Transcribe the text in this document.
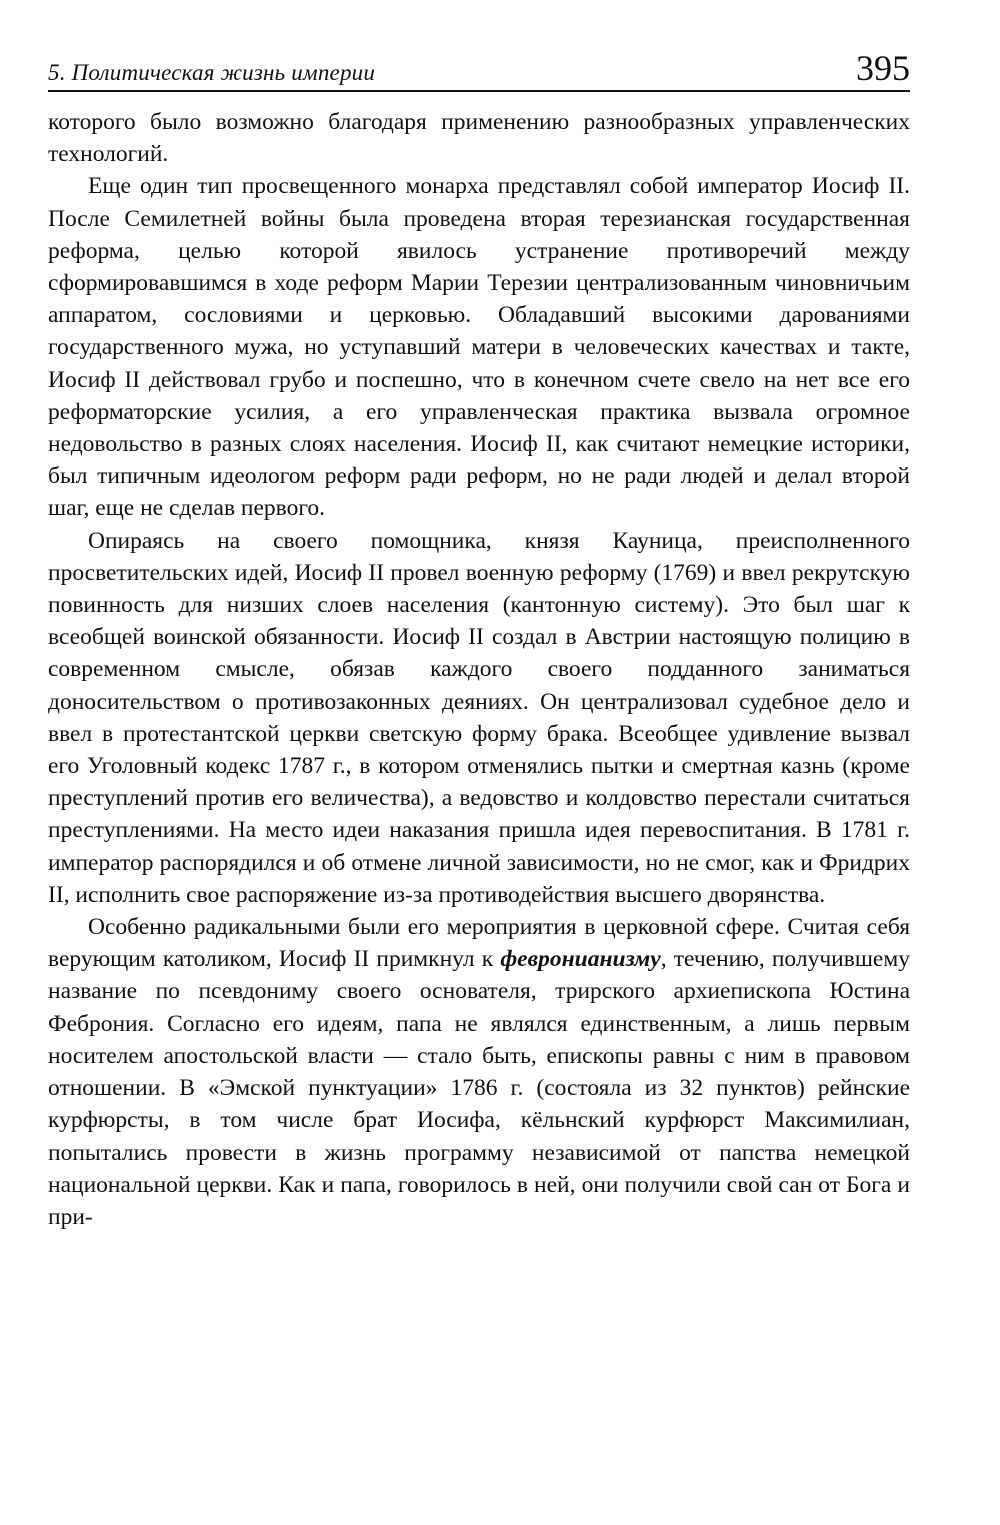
5. Политическая жизнь империи	395

которого было возможно благодаря применению разнообразных управленческих технологий.

Еще один тип просвещенного монарха представлял собой император Иосиф II. После Семилетней войны была проведена вторая терезианская государственная реформа, целью которой явилось устранение противоречий между сформировавшимся в ходе реформ Марии Терезии централизованным чиновничьим аппаратом, сословиями и церковью. Обладавший высокими дарованиями государственного мужа, но уступавший матери в человеческих качествах и такте, Иосиф II действовал грубо и поспешно, что в конечном счете свело на нет все его реформаторские усилия, а его управленческая практика вызвала огромное недовольство в разных слоях населения. Иосиф II, как считают немецкие историки, был типичным идеологом реформ ради реформ, но не ради людей и делал второй шаг, еще не сделав первого.

Опираясь на своего помощника, князя Кауница, преисполненного просветительских идей, Иосиф II провел военную реформу (1769) и ввел рекрутскую повинность для низших слоев населения (кантонную систему). Это был шаг к всеобщей воинской обязанности. Иосиф II создал в Австрии настоящую полицию в современном смысле, обязав каждого своего подданного заниматься доносительством о противозаконных деяниях. Он централизовал судебное дело и ввел в протестантской церкви светскую форму брака. Всеобщее удивление вызвал его Уголовный кодекс 1787 г., в котором отменялись пытки и смертная казнь (кроме преступлений против его величества), а ведовство и колдовство перестали считаться преступлениями. На место идеи наказания пришла идея перевоспитания. В 1781 г. император распорядился и об отмене личной зависимости, но не смог, как и Фридрих II, исполнить свое распоряжение из-за противодействия высшего дворянства.

Особенно радикальными были его мероприятия в церковной сфере. Считая себя верующим католиком, Иосиф II примкнул к февронианизму, течению, получившему название по псевдониму своего основателя, трирского архиепископа Юстина Феброния. Согласно его идеям, папа не являлся единственным, а лишь первым носителем апостольской власти — стало быть, епископы равны с ним в правовом отношении. В «Эмской пунктуации» 1786 г. (состояла из 32 пунктов) рейнские курфюрсты, в том числе брат Иосифа, кёльнский курфюрст Максимилиан, попытались провести в жизнь программу независимой от папства немецкой национальной церкви. Как и папа, говорилось в ней, они получили свой сан от Бога и при-
